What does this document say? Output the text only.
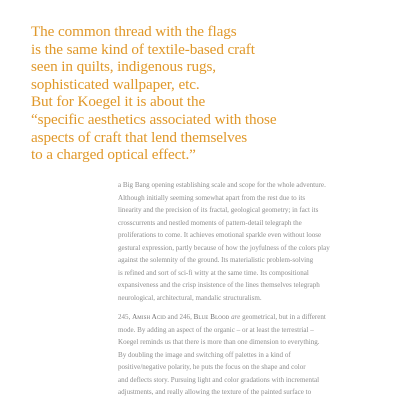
The common thread with the flags
is the same kind of textile-based craft
seen in quilts, indigenous rugs,
sophisticated wallpaper, etc.
But for Koegel it is about the
“specific aesthetics associated with those
aspects of craft that lend themselves
to a charged optical effect.”
a Big Bang opening establishing scale and scope for the whole adventure.
Although initially seeming somewhat apart from the rest due to its
linearity and the precision of its fractal, geological geometry; in fact its
crosscurrents and nestled moments of pattern-detail telegraph the
proliferations to come. It achieves emotional sparkle even without loose
gestural expression, partly because of how the joyfulness of the colors play
against the solemnity of the ground. Its materialistic problem-solving
is refined and sort of sci-fi witty at the same time. Its compositional
expansiveness and the crisp insistence of the lines themselves telegraph
neurological, architectural, mandalic structuralism.
245, Amish Acid and 246, Blue Blood are geometrical, but in a different
mode. By adding an aspect of the organic – or at least the terrestrial –
Koegel reminds us that there is more than one dimension to everything.
By doubling the image and switching off palettes in a kind of
positive/negative polarity, he puts the focus on the shape and color
and deflects story. Pursuing light and color gradations with incremental
adjustments, and really allowing the texture of the painted surface to
